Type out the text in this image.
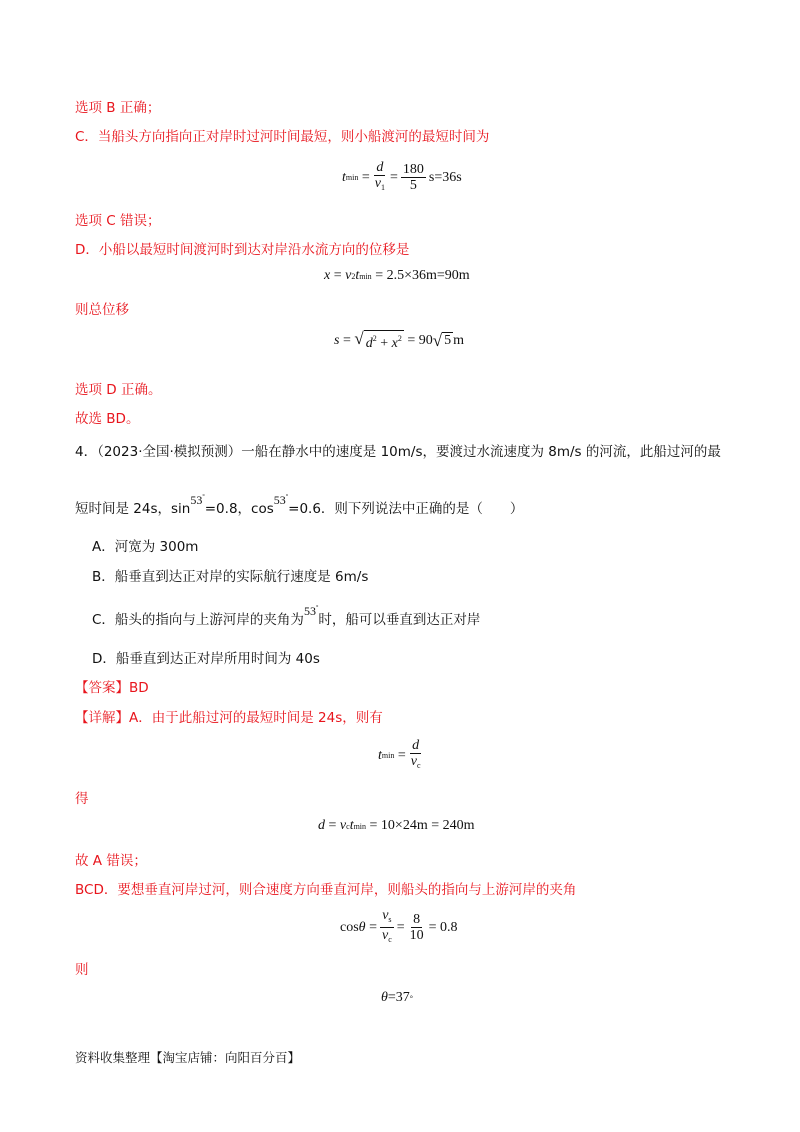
选项 B 正确；
C．当船头方向指向正对岸时过河时间最短，则小船渡河的最短时间为
t $\min = \frac{d}{v_1} = \frac{180}{5} s=36s$
选项 C 错误；
D．小船以最短时间渡河时到达对岸沿水流方向的位移是
x = v 2 t min = 2.5×36m=90m
则总位移
s = √ $d^2 + x^2 = 90$ √ 5 m
选项 D 正确。
故选 BD。
4．（2023·全国·模拟预测）一船在静水中的速度是 10m/s，要渡过水流速度为 8m/s 的河流，此船过河的最
短时间是 24s，sin53°=0.8，cos53°=0.6．则下列说法中正确的是（　　）
A．河宽为 300m
B．船垂直到达正对岸的实际航行速度是 6m/s
C．船头的指向与上游河岸的夹角为53°时，船可以垂直到达正对岸
D．船垂直到达正对岸所用时间为 40s
【答案】BD
【详解】A．由于此船过河的最短时间是 24s，则有
t $\min = \frac{d}{v_c}$
得
d = v c t min = 10×24m = 240m
故 A 错误；
BCD．要想垂直河岸过河，则合速度方向垂直河岸，则船头的指向与上游河岸的夹角
$\cos \theta = \frac{v_s}{v_c} = \frac{8}{10} = 0.8$
则
θ =37 °
资料收集整理【淘宝店铺：向阳百分百】
